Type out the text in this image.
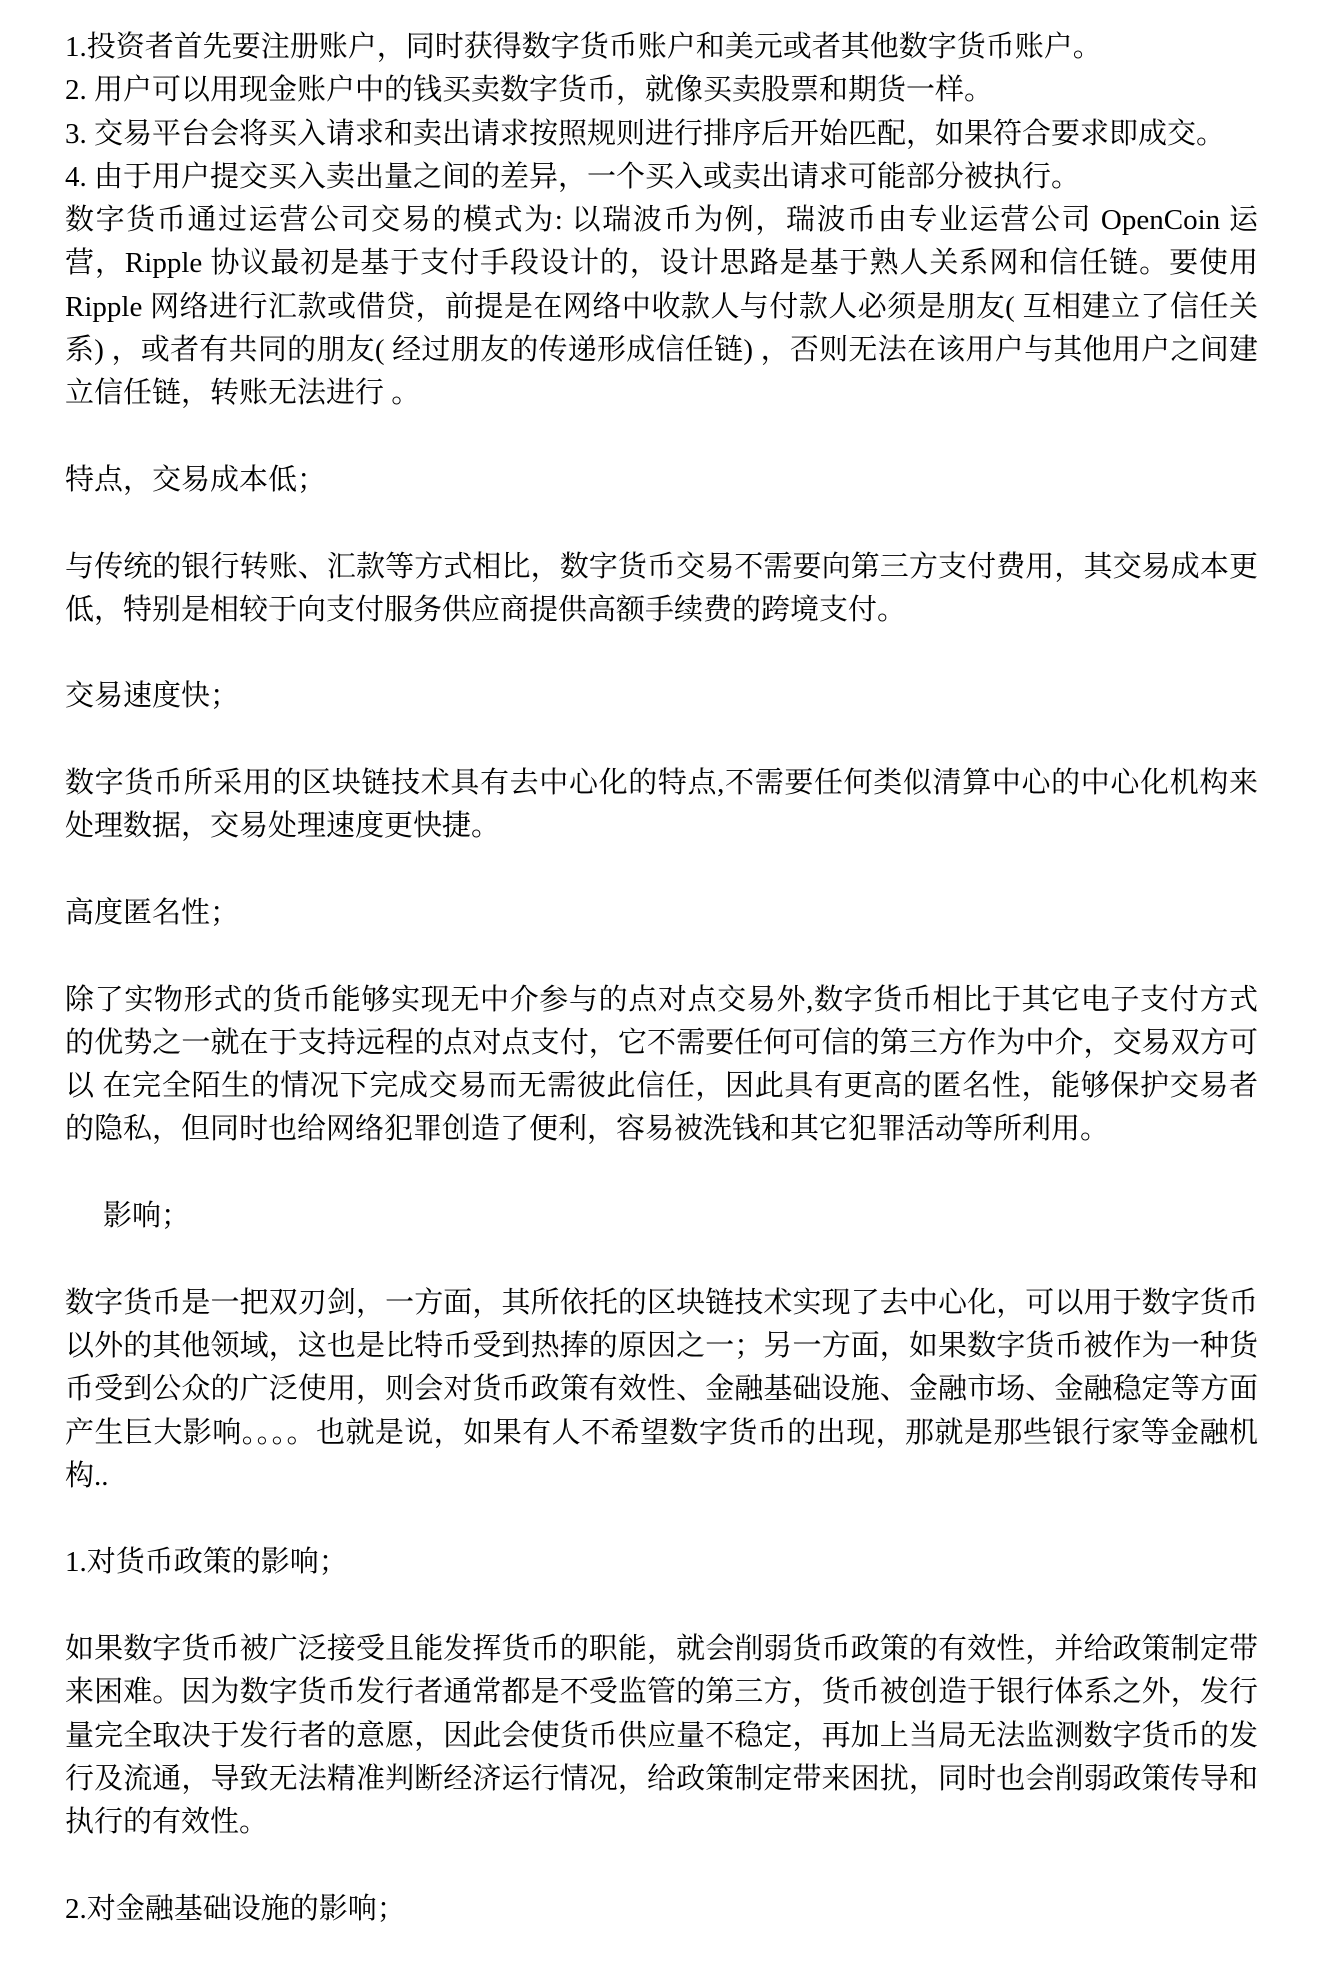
1.投资者首先要注册账户，同时获得数字货币账户和美元或者其他数字货币账户。

2. 用户可以用现金账户中的钱买卖数字货币，就像买卖股票和期货一样。

3. 交易平台会将买入请求和卖出请求按照规则进行排序后开始匹配，如果符合要求即成交。

4. 由于用户提交买入卖出量之间的差异，一个买入或卖出请求可能部分被执行。

数字货币通过运营公司交易的模式为: 以瑞波币为例，瑞波币由专业运营公司 OpenCoin 运营，Ripple 协议最初是基于支付手段设计的，设计思路是基于熟人关系网和信任链。要使用 Ripple 网络进行汇款或借贷，前提是在网络中收款人与付款人必须是朋友( 互相建立了信任关系) ，或者有共同的朋友( 经过朋友的传递形成信任链) ，否则无法在该用户与其他用户之间建立信任链，转账无法进行 。

特点，交易成本低；

与传统的银行转账、汇款等方式相比，数字货币交易不需要向第三方支付费用，其交易成本更低，特别是相较于向支付服务供应商提供高额手续费的跨境支付。

交易速度快；

数字货币所采用的区块链技术具有去中心化的特点,不需要任何类似清算中心的中心化机构来处理数据，交易处理速度更快捷。

高度匿名性；

除了实物形式的货币能够实现无中介参与的点对点交易外,数字货币相比于其它电子支付方式的优势之一就在于支持远程的点对点支付，它不需要任何可信的第三方作为中介，交易双方可以 在完全陌生的情况下完成交易而无需彼此信任，因此具有更高的匿名性，能够保护交易者的隐私，但同时也给网络犯罪创造了便利，容易被洗钱和其它犯罪活动等所利用。

影响；

数字货币是一把双刃剑，一方面，其所依托的区块链技术实现了去中心化，可以用于数字货币以外的其他领域，这也是比特币受到热捧的原因之一；另一方面，如果数字货币被作为一种货币受到公众的广泛使用，则会对货币政策有效性、金融基础设施、金融市场、金融稳定等方面产生巨大影响。。。。也就是说，如果有人不希望数字货币的出现，那就是那些银行家等金融机构..

1.对货币政策的影响；

如果数字货币被广泛接受且能发挥货币的职能，就会削弱货币政策的有效性，并给政策制定带来困难。因为数字货币发行者通常都是不受监管的第三方，货币被创造于银行体系之外，发行量完全取决于发行者的意愿，因此会使货币供应量不稳定，再加上当局无法监测数字货币的发行及流通，导致无法精准判断经济运行情况，给政策制定带来困扰，同时也会削弱政策传导和执行的有效性。

2.对金融基础设施的影响；
